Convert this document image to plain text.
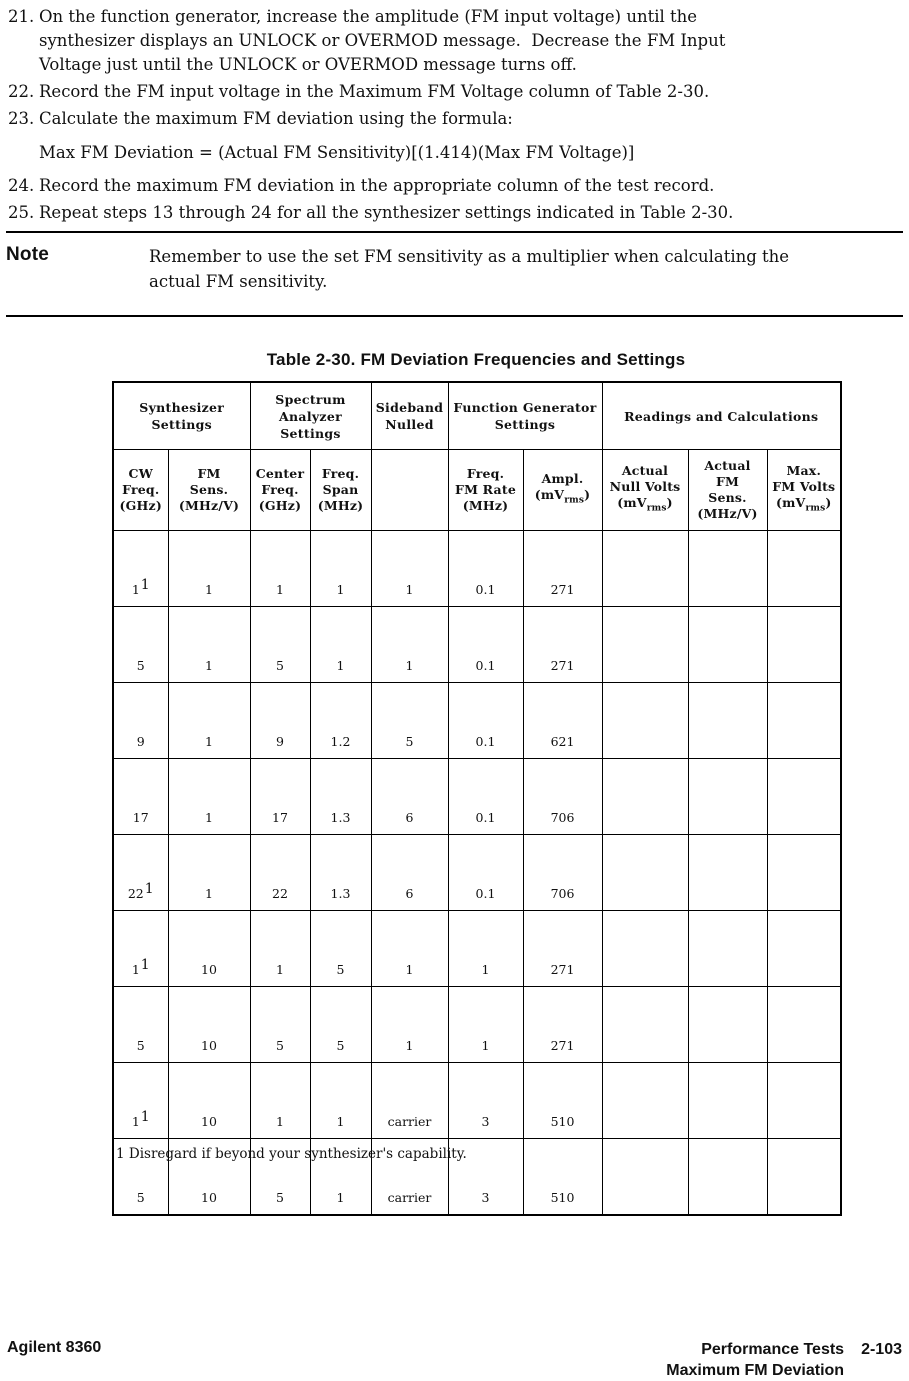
21. On the function generator, increase the amplitude (FM input voltage) until the
synthesizer displays an UNLOCK or OVERMOD message.  Decrease the FM Input
Voltage just until the UNLOCK or OVERMOD message turns off.
22. Record the FM input voltage in the Maximum FM Voltage column of Table 2-30.
23. Calculate the maximum FM deviation using the formula:
Max FM Deviation = (Actual FM Sensitivity)[(1.414)(Max FM Voltage)]
24. Record the maximum FM deviation in the appropriate column of the test record.
25. Repeat steps 13 through 24 for all the synthesizer settings indicated in Table 2-30.
Note	Remember to use the set FM sensitivity as a multiplier when calculating the
actual FM sensitivity.
Table 2-30. FM Deviation Frequencies and Settings
Synthesizer
Settings

Spectrum
Analyzer
Settings

Sideband
Nulled

Function Generator
Settings

Readings and Calculations

CW
Freq.
(GHz)

FM
Sens.
(MHz/V)

Center
Freq.
(GHz)

Freq.
Span
(MHz)

Freq.
FM Rate
(MHz)

Ampl.
$(mV_{rms})$

Actual
Null Volts
$(mV_{rms})$

Actual
FM
Sens.
(MHz/V)

Max.
FM Volts
$(mV_{rms})$

1$^1$	1	1	1	1	0.1	271			
5	1	5	1	1	0.1	271			
9	1	9	1.2	5	0.1	621			
17	1	17	1.3	6	0.1	706			
22$^1$	1	22	1.3	6	0.1	706			
1$^1$	10	1	5	1	1	271			
5	10	5	5	1	1	271			
1$^1$	10	1	1	carrier	3	510			
5	10	5	1	carrier	3	510			
1 Disregard if beyond your synthesizer's capability.
Agilent 8360	Performance Tests 2-103
Maximum FM Deviation
